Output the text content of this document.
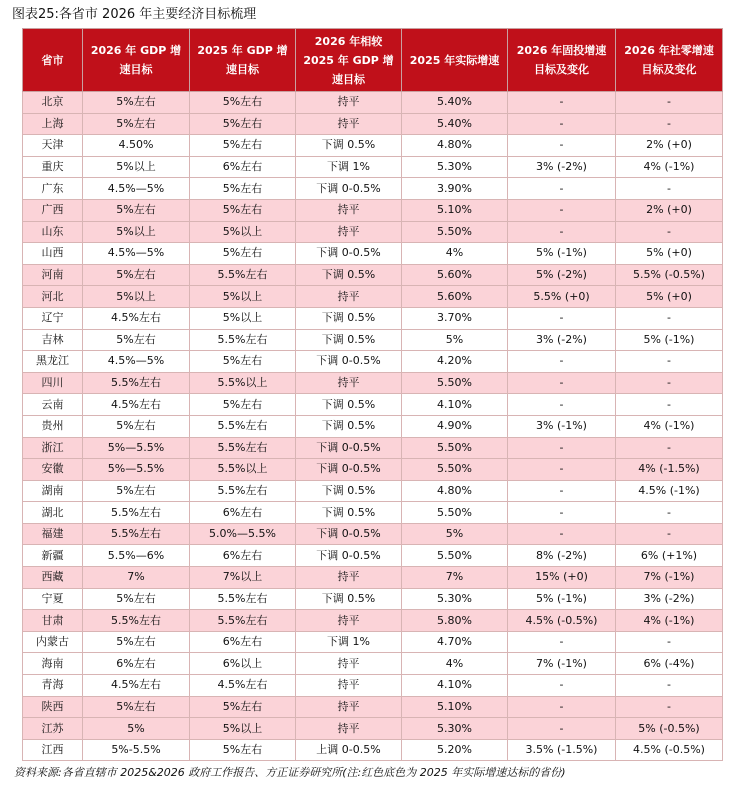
图表25:各省市 2026 年主要经济目标梳理
省市	2026 年 GDP 增速目标	2025 年 GDP 增速目标	2026 年相较 2025 年 GDP 增速目标	2025 年实际增速	2026 年固投增速目标及变化	2026 年社零增速目标及变化
北京	5%左右	5%左右	持平	5.40%	-	-
上海	5%左右	5%左右	持平	5.40%	-	-
天津	4.50%	5%左右	下调 0.5%	4.80%	-	2% (+0)
重庆	5%以上	6%左右	下调 1%	5.30%	3% (-2%)	4% (-1%)
广东	4.5%—5%	5%左右	下调 0-0.5%	3.90%	-	-
广西	5%左右	5%左右	持平	5.10%	-	2% (+0)
山东	5%以上	5%以上	持平	5.50%	-	-
山西	4.5%—5%	5%左右	下调 0-0.5%	4%	5% (-1%)	5% (+0)
河南	5%左右	5.5%左右	下调 0.5%	5.60%	5% (-2%)	5.5% (-0.5%)
河北	5%以上	5%以上	持平	5.60%	5.5% (+0)	5% (+0)
辽宁	4.5%左右	5%以上	下调 0.5%	3.70%	-	-
吉林	5%左右	5.5%左右	下调 0.5%	5%	3% (-2%)	5% (-1%)
黑龙江	4.5%—5%	5%左右	下调 0-0.5%	4.20%	-	-
四川	5.5%左右	5.5%以上	持平	5.50%	-	-
云南	4.5%左右	5%左右	下调 0.5%	4.10%	-	-
贵州	5%左右	5.5%左右	下调 0.5%	4.90%	3% (-1%)	4% (-1%)
浙江	5%—5.5%	5.5%左右	下调 0-0.5%	5.50%	-	-
安徽	5%—5.5%	5.5%以上	下调 0-0.5%	5.50%	-	4% (-1.5%)
湖南	5%左右	5.5%左右	下调 0.5%	4.80%	-	4.5% (-1%)
湖北	5.5%左右	6%左右	下调 0.5%	5.50%	-	-
福建	5.5%左右	5.0%—5.5%	下调 0-0.5%	5%	-	-
新疆	5.5%—6%	6%左右	下调 0-0.5%	5.50%	8% (-2%)	6% (+1%)
西藏	7%	7%以上	持平	7%	15% (+0)	7% (-1%)
宁夏	5%左右	5.5%左右	下调 0.5%	5.30%	5% (-1%)	3% (-2%)
甘肃	5.5%左右	5.5%左右	持平	5.80%	4.5% (-0.5%)	4% (-1%)
内蒙古	5%左右	6%左右	下调 1%	4.70%	-	-
海南	6%左右	6%以上	持平	4%	7% (-1%)	6% (-4%)
青海	4.5%左右	4.5%左右	持平	4.10%	-	-
陕西	5%左右	5%左右	持平	5.10%	-	-
江苏	5%	5%以上	持平	5.30%	-	5% (-0.5%)
江西	5%-5.5%	5%左右	上调 0-0.5%	5.20%	3.5% (-1.5%)	4.5% (-0.5%)
资料来源:各省直辖市 2025&2026 政府工作报告、方正证券研究所(注:红色底色为 2025 年实际增速达标的省份)
